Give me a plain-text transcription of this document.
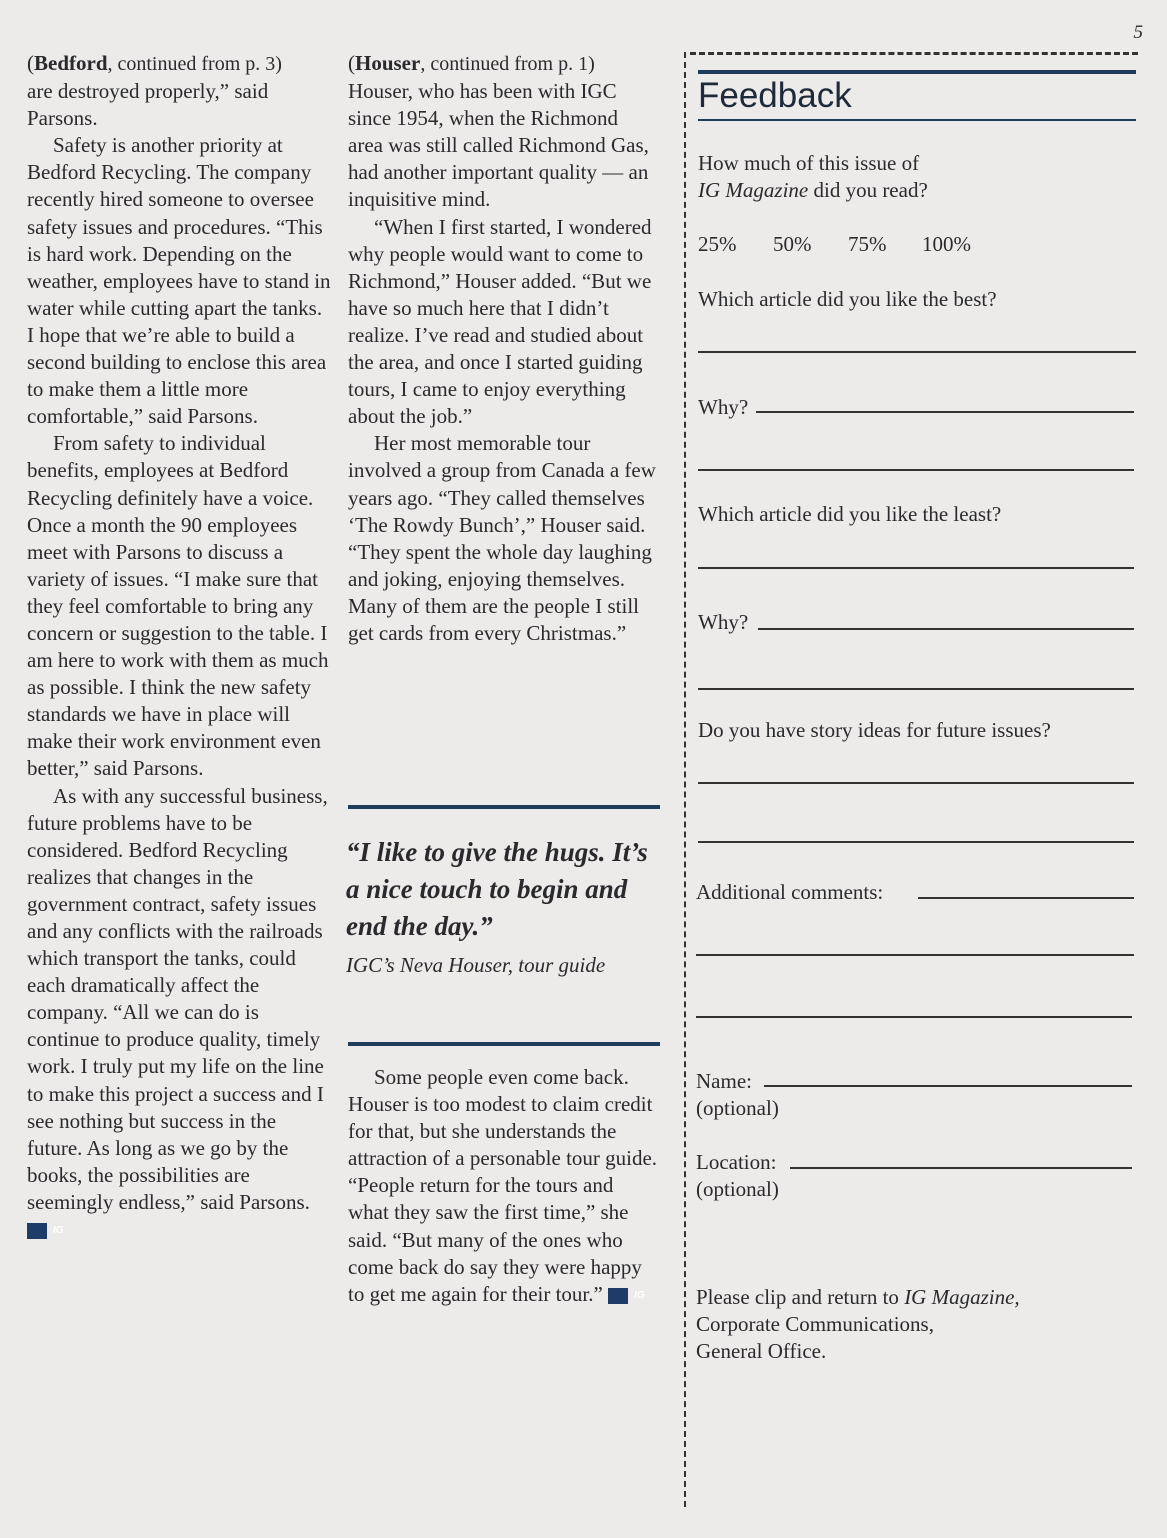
5

(Bedford, continued from p. 3)

are destroyed properly,” said Parsons.

Safety is another priority at Bedford Recycling. The company recently hired someone to oversee safety issues and procedures. “This is hard work. Depending on the weather, employees have to stand in water while cutting apart the tanks. I hope that we’re able to build a second building to enclose this area to make them a little more comfortable,” said Parsons.

From safety to individual benefits, employees at Bedford Recycling definitely have a voice. Once a month the 90 employees meet with Parsons to discuss a variety of issues. “I make sure that they feel comfortable to bring any concern or suggestion to the table. I am here to work with them as much as possible. I think the new safety standards we have in place will make their work environment even better,” said Parsons.

As with any successful business, future problems have to be considered. Bedford Recycling realizes that changes in the government contract, safety issues and any conflicts with the railroads which transport the tanks, could each dramatically affect the company. “All we can do is continue to produce quality, timely work. I truly put my life on the line to make this project a success and I see nothing but success in the future. As long as we go by the books, the possibilities are seemingly endless,” said Parsons. IG

(Houser, continued from p. 1)

Houser, who has been with IGC since 1954, when the Richmond area was still called Richmond Gas, had another important quality — an inquisitive mind.

“When I first started, I wondered why people would want to come to Richmond,” Houser added. “But we have so much here that I didn’t realize. I’ve read and studied about the area, and once I started guiding tours, I came to enjoy everything about the job.”

Her most memorable tour involved a group from Canada a few years ago. “They called themselves ‘The Rowdy Bunch’,” Houser said. “They spent the whole day laughing and joking, enjoying themselves. Many of them are the people I still get cards from every Christmas.”

“I like to give the hugs. It’s a nice touch to begin and end the day.”

IGC’s Neva Houser, tour guide

Some people even come back. Houser is too modest to claim credit for that, but she understands the attraction of a personable tour guide. “People return for the tours and what they saw the first time,” she said. “But many of the ones who come back do say they were happy to get me again for their tour.”	IG

Feedback
How much of this issue of
IG Magazine did you read?
25% 50% 75% 100%
Which article did you like the best?
Why?
Which article did you like the least?
Why?
Do you have story ideas for future issues?
Additional comments:
Name:
(optional)
Location:
(optional)
Please clip and return to IG Magazine,
Corporate Communications,
General Office.
